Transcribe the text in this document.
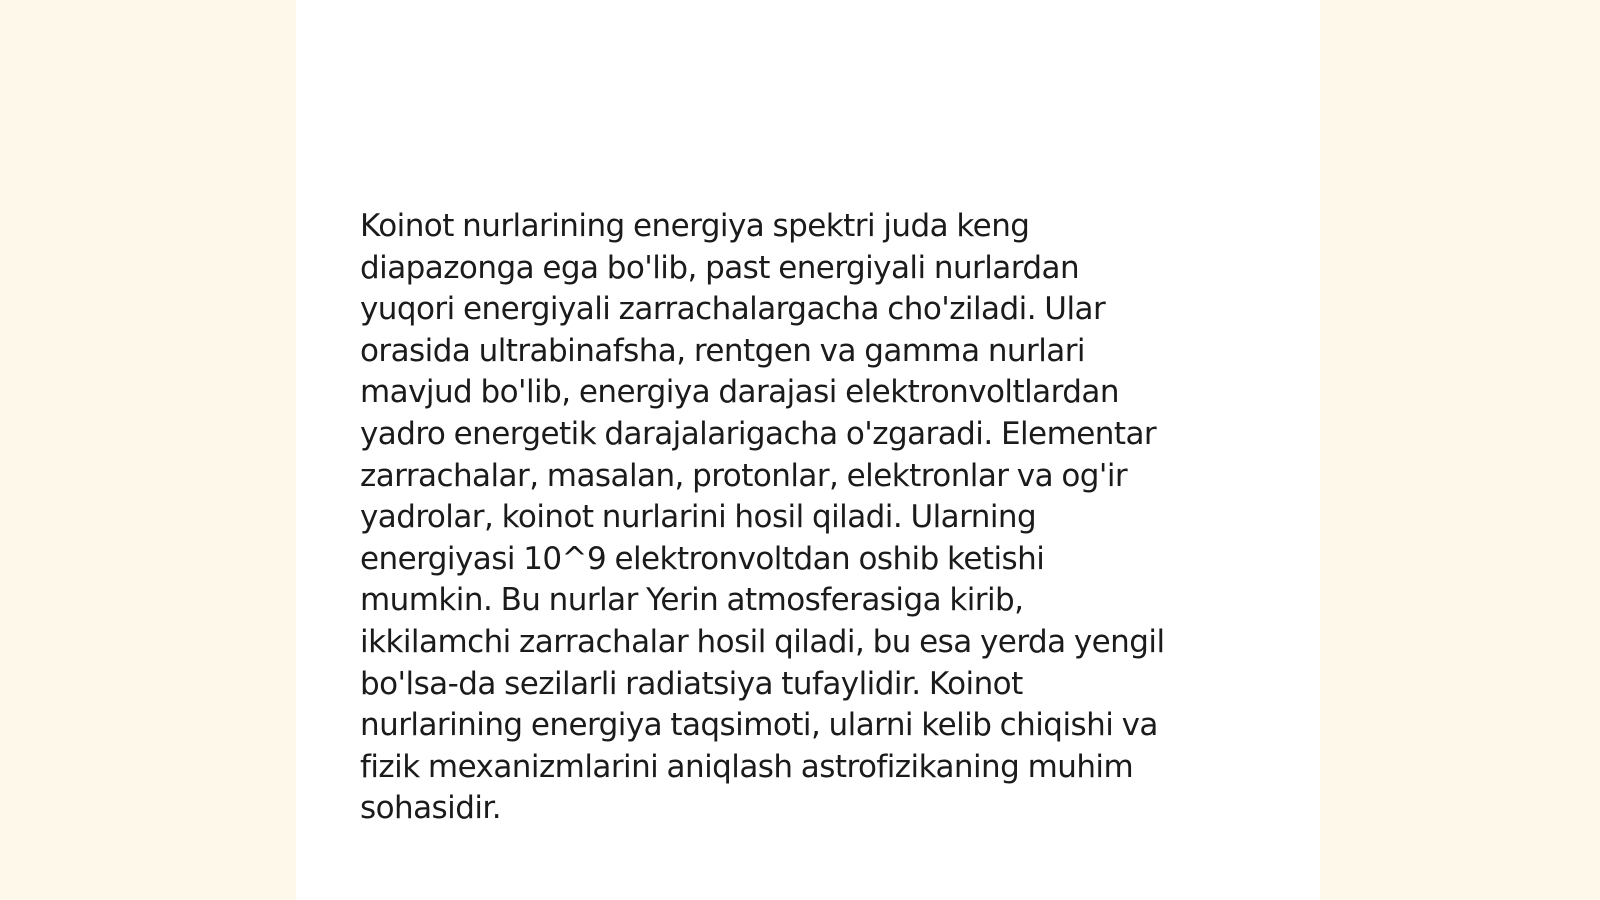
Koinot nurlarining energiya spektri juda keng
diapazonga ega bo'lib, past energiyali nurlardan
yuqori energiyali zarrachalargacha cho'ziladi. Ular
orasida ultrabinafsha, rentgen va gamma nurlari
mavjud bo'lib, energiya darajasi elektronvoltlardan
yadro energetik darajalarigacha o'zgaradi. Elementar
zarrachalar, masalan, protonlar, elektronlar va og'ir
yadrolar, koinot nurlarini hosil qiladi. Ularning
energiyasi 10^9 elektronvoltdan oshib ketishi
mumkin. Bu nurlar Yerin atmosferasiga kirib,
ikkilamchi zarrachalar hosil qiladi, bu esa yerda yengil
bo'lsa-da sezilarli radiatsiya tufaylidir. Koinot
nurlarining energiya taqsimoti, ularni kelib chiqishi va
fizik mexanizmlarini aniqlash astrofizikaning muhim
sohasidir.
